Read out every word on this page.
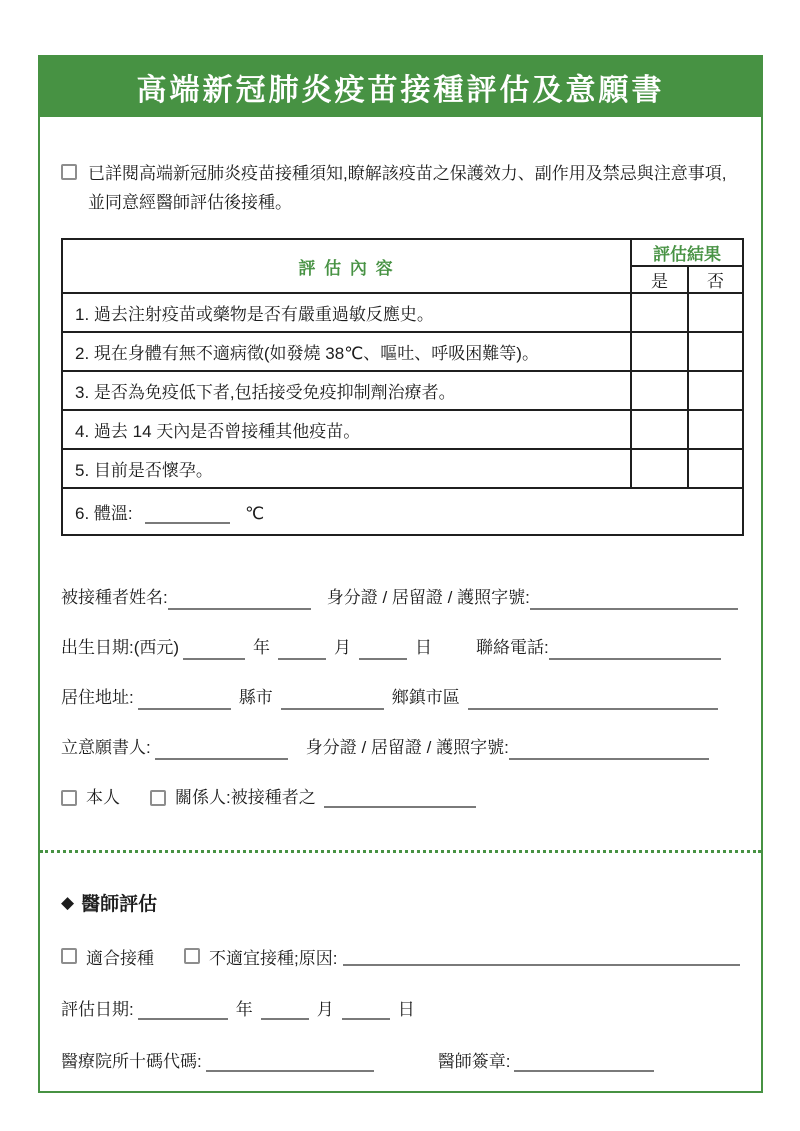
高端新冠肺炎疫苗接種評估及意願書
已詳閱高端新冠肺炎疫苗接種須知,瞭解該疫苗之保護效力、副作用及禁忌與注意事項,並同意經醫師評估後接種。
評 估 內 容	評估結果	
	是	否
1. 過去注射疫苗或藥物是否有嚴重過敏反應史。		
2. 現在身體有無不適病徵(如發燒 38℃、嘔吐、呼吸困難等)。		
3. 是否為免疫低下者,包括接受免疫抑制劑治療者。		
4. 過去 14 天內是否曾接種其他疫苗。		
5. 目前是否懷孕。		
6. 體溫: ℃		
被接種者姓名:	身分證 / 居留證 / 護照字號:
出生日期:(西元)	年	月	日	聯絡電話:
居住地址:	縣市	鄉鎮市區
立意願書人:	身分證 / 居留證 / 護照字號:
本人	關係人:被接種者之
◆ 醫師評估
適合接種	不適宜接種;原因:
評估日期:	年	月	日
醫療院所十碼代碼:	醫師簽章:
